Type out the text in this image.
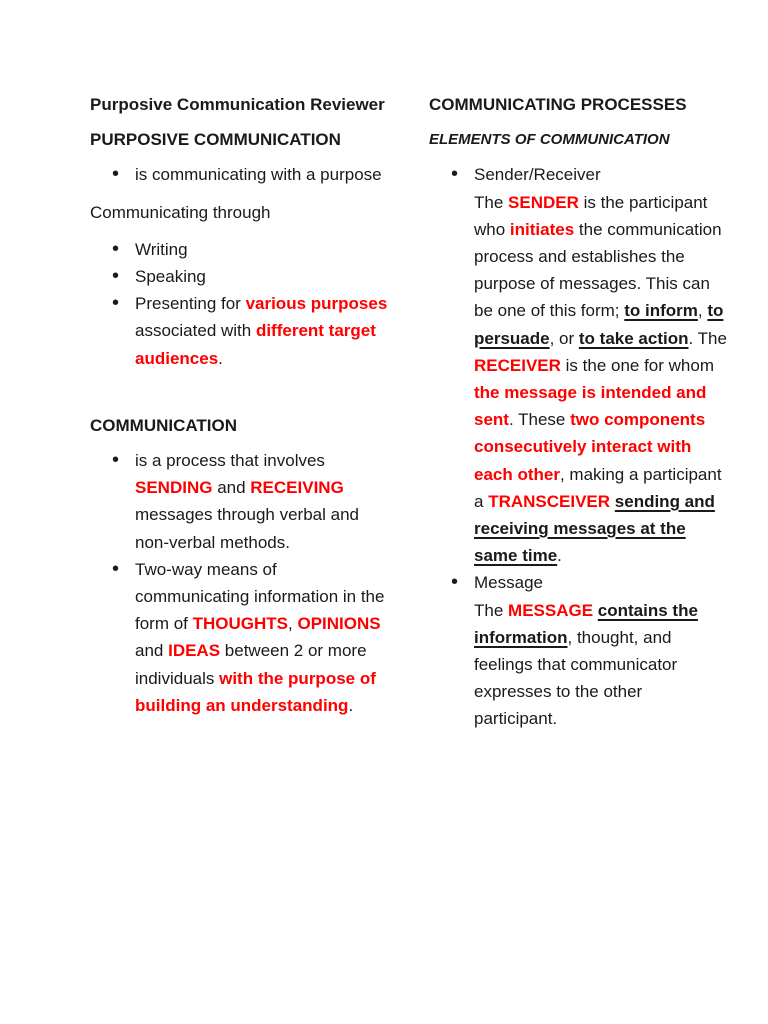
Purposive Communication Reviewer
PURPOSIVE COMMUNICATION
• is communicating with a purpose

Communicating through

• Writing
• Speaking
• Presenting for various purposes associated with different target audiences.
COMMUNICATION
• is a process that involves SENDING and RECEIVING messages through verbal and non-verbal methods.
• Two-way means of communicating information in the form of THOUGHTS, OPINIONS and IDEAS between 2 or more individuals with the purpose of building an understanding.
COMMUNICATING PROCESSES
ELEMENTS OF COMMUNICATION
• Sender/Receiver
The SENDER is the participant who initiates the communication process and establishes the purpose of messages. This can be one of this form; to inform, to persuade, or to take action. The RECEIVER is the one for whom the message is intended and sent. These two components consecutively interact with each other, making a participant a TRANSCEIVER sending and receiving messages at the same time.
• Message
The MESSAGE contains the information, thought, and feelings that communicator expresses to the other participant.
